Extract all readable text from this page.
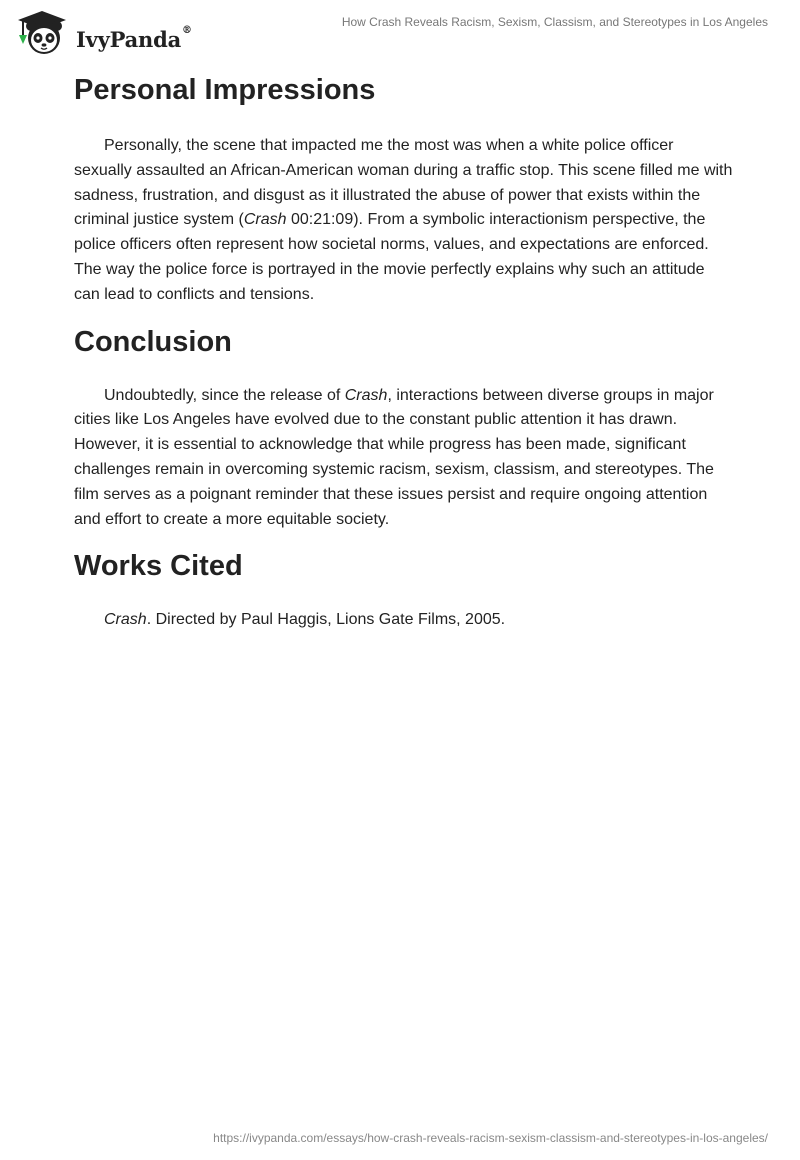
IvyPanda®
How Crash Reveals Racism, Sexism, Classism, and Stereotypes in Los Angeles
Personal Impressions

Personally, the scene that impacted me the most was when a white police officer sexually assaulted an African-American woman during a traffic stop. This scene filled me with sadness, frustration, and disgust as it illustrated the abuse of power that exists within the criminal justice system (Crash 00:21:09). From a symbolic interactionism perspective, the police officers often represent how societal norms, values, and expectations are enforced. The way the police force is portrayed in the movie perfectly explains why such an attitude can lead to conflicts and tensions.

Conclusion

Undoubtedly, since the release of Crash, interactions between diverse groups in major cities like Los Angeles have evolved due to the constant public attention it has drawn. However, it is essential to acknowledge that while progress has been made, significant challenges remain in overcoming systemic racism, sexism, classism, and stereotypes. The film serves as a poignant reminder that these issues persist and require ongoing attention and effort to create a more equitable society.

Works Cited

Crash. Directed by Paul Haggis, Lions Gate Films, 2005.

https://ivypanda.com/essays/how-crash-reveals-racism-sexism-classism-and-stereotypes-in-los-angeles/
